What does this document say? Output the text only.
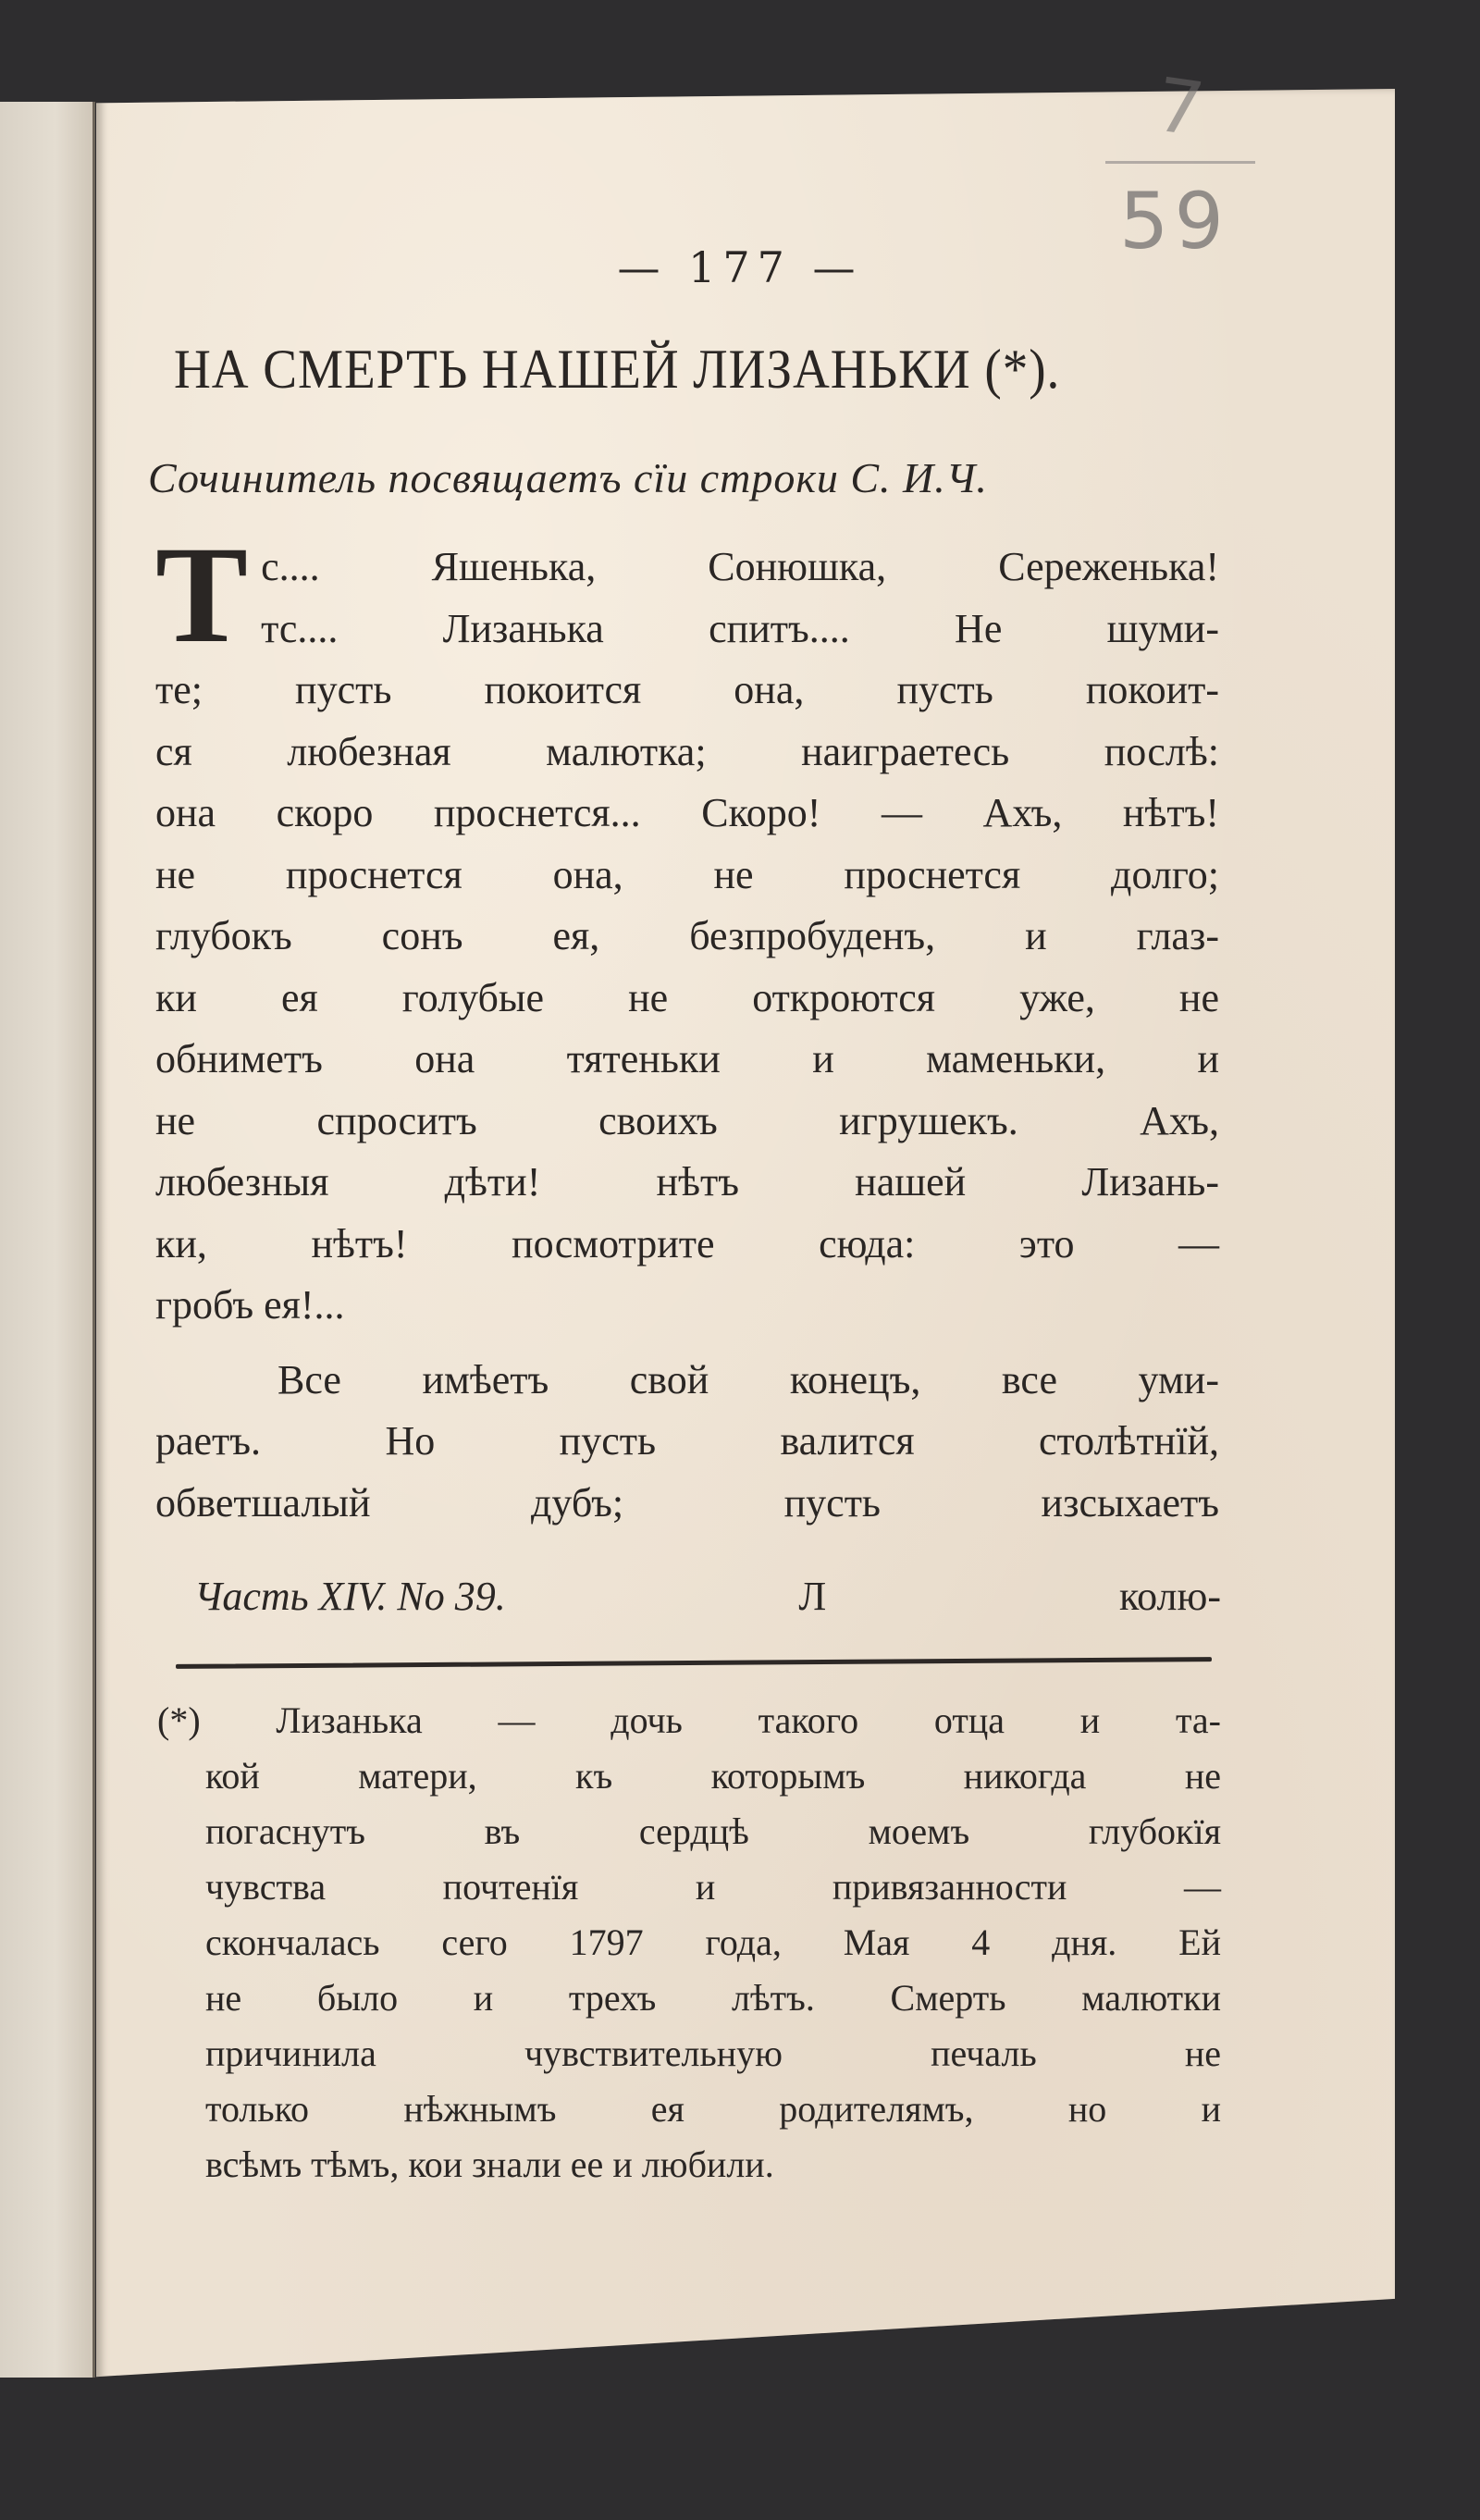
7
59
— 177 —
НА СМЕРТЬ НАШЕЙ ЛИЗАНЬКИ (*).
Сочинитель посвящаетъ сїи строки С. И.Ч.
Т с.... Яшенька, Сонюшка, Сереженька!
тс.... Лизанька спитъ.... Не шуми-
те; пусть покоится она, пусть покоит-
ся любезная малютка; наиграетесь послѣ:
она скоро проснется... Скоро! — Ахъ, нѣтъ!
не проснется она, не проснется долго;
глубокъ сонъ ея, безпробуденъ, и глаз-
ки ея голубые не откроются уже, не
обниметъ она тятеньки и маменьки, и
не спроситъ своихъ игрушекъ. Ахъ,
любезныя дѣти! нѣтъ нашей Лизань-
ки, нѣтъ! посмотрите сюда: это —
гробъ ея!...
Все имѣетъ свой конецъ, все уми-
раетъ. Но пусть валится столѣтнїй,
обветшалый дубъ; пусть изсыхаетъ
Часть XIV. No 39.	Л	колю-
(*) Лизанька — дочь такого отца и та-
кой матери, къ которымъ никогда не
погаснутъ въ сердцѣ моемъ глубокїя
чувства почтенїя и привязанности —
скончалась сего 1797 года, Мая 4 дня. Ей
не было и трехъ лѣтъ. Смерть малютки
причинила чувствительную печаль не
только нѣжнымъ ея родителямъ, но и
всѣмъ тѣмъ, кои знали ее и любили.
